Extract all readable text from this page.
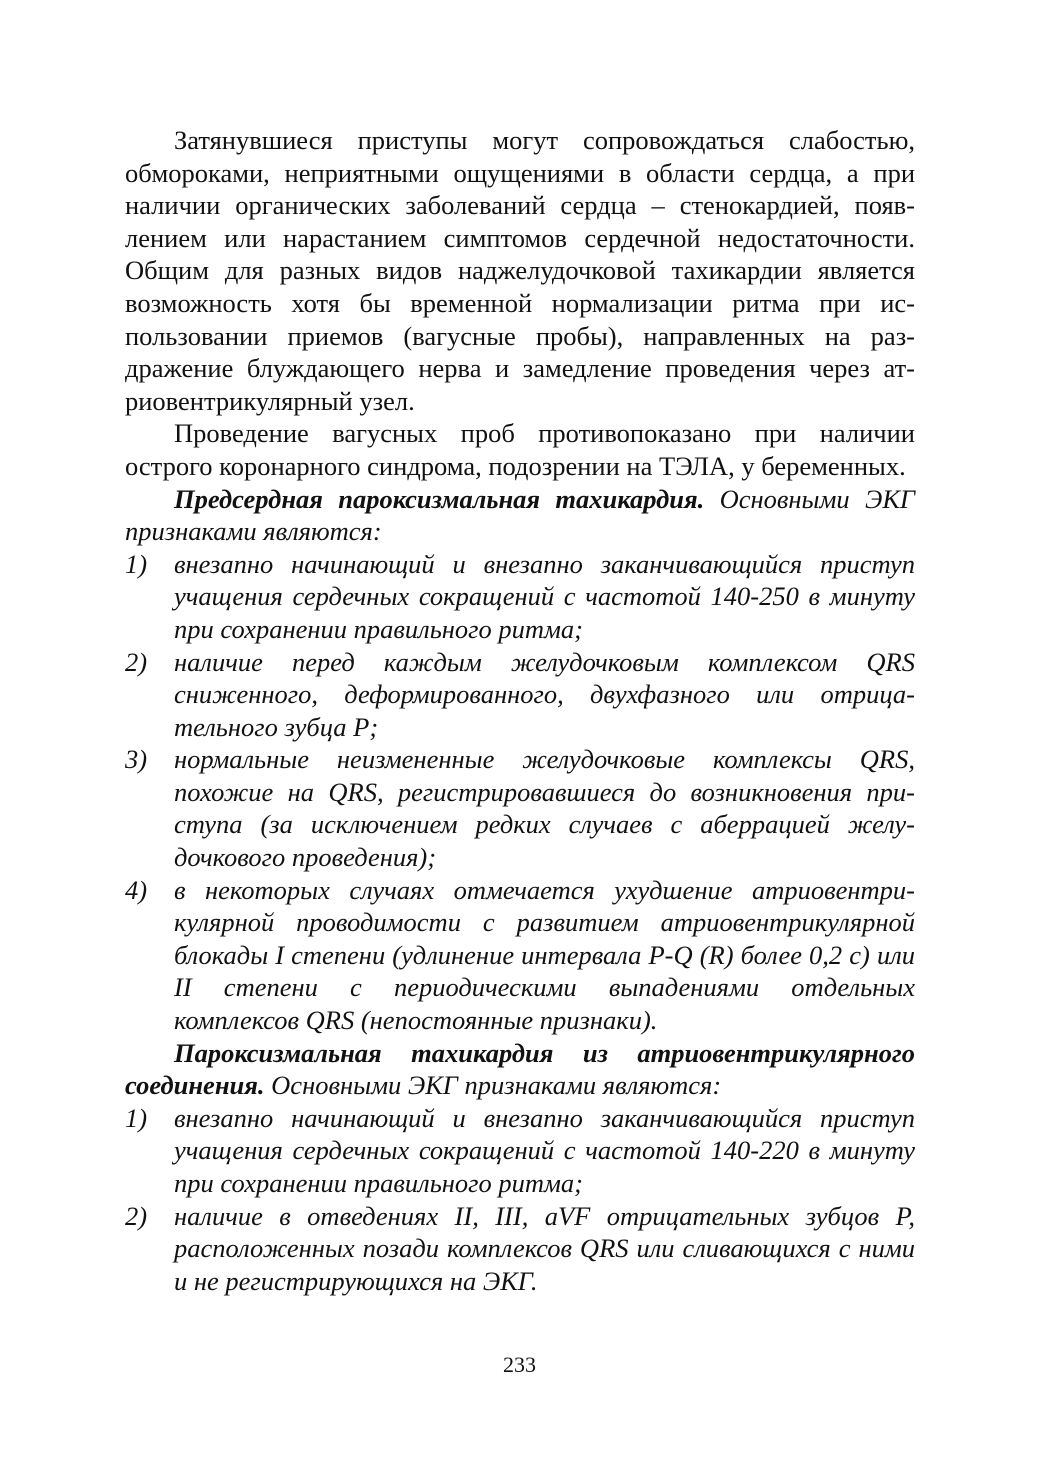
Затянувшиеся приступы могут сопровождаться слабостью, обмороками, неприятными ощущениями в области сердца, а при наличии органических заболеваний сердца – стенокардией, появлением или нарастанием симптомов сердечной недостаточности. Общим для разных видов наджелудочковой тахикардии является возможность хотя бы временной нормализации ритма при использовании приемов (вагусные пробы), направленных на раздражение блуждающего нерва и замедление проведения через атриовентрикулярный узел.

Проведение вагусных проб противопоказано при наличии острого коронарного синдрома, подозрении на ТЭЛА, у беременных.

Предсердная пароксизмальная тахикардия. Основными ЭКГ признаками являются:

1) внезапно начинающий и внезапно заканчивающийся приступ учащения сердечных сокращений с частотой 140-250 в минуту при сохранении правильного ритма;
2) наличие перед каждым желудочковым комплексом QRS сниженного, деформированного, двухфазного или отрицательного зубца P;
3) нормальные неизмененные желудочковые комплексы QRS, похожие на QRS, регистрировавшиеся до возникновения приступа (за исключением редких случаев с аберрацией желудочкового проведения);
4) в некоторых случаях отмечается ухудшение атриовентрикулярной проводимости с развитием атриовентрикулярной блокады I степени (удлинение интервала P-Q (R) более 0,2 с) или II степени с периодическими выпадениями отдельных комплексов QRS (непостоянные признаки).

Пароксизмальная тахикардия из атриовентрикулярного соединения. Основными ЭКГ признаками являются:

1) внезапно начинающий и внезапно заканчивающийся приступ учащения сердечных сокращений с частотой 140-220 в минуту при сохранении правильного ритма;
2) наличие в отведениях II, III, aVF отрицательных зубцов P, расположенных позади комплексов QRS или сливающихся с ними и не регистрирующихся на ЭКГ.
233
